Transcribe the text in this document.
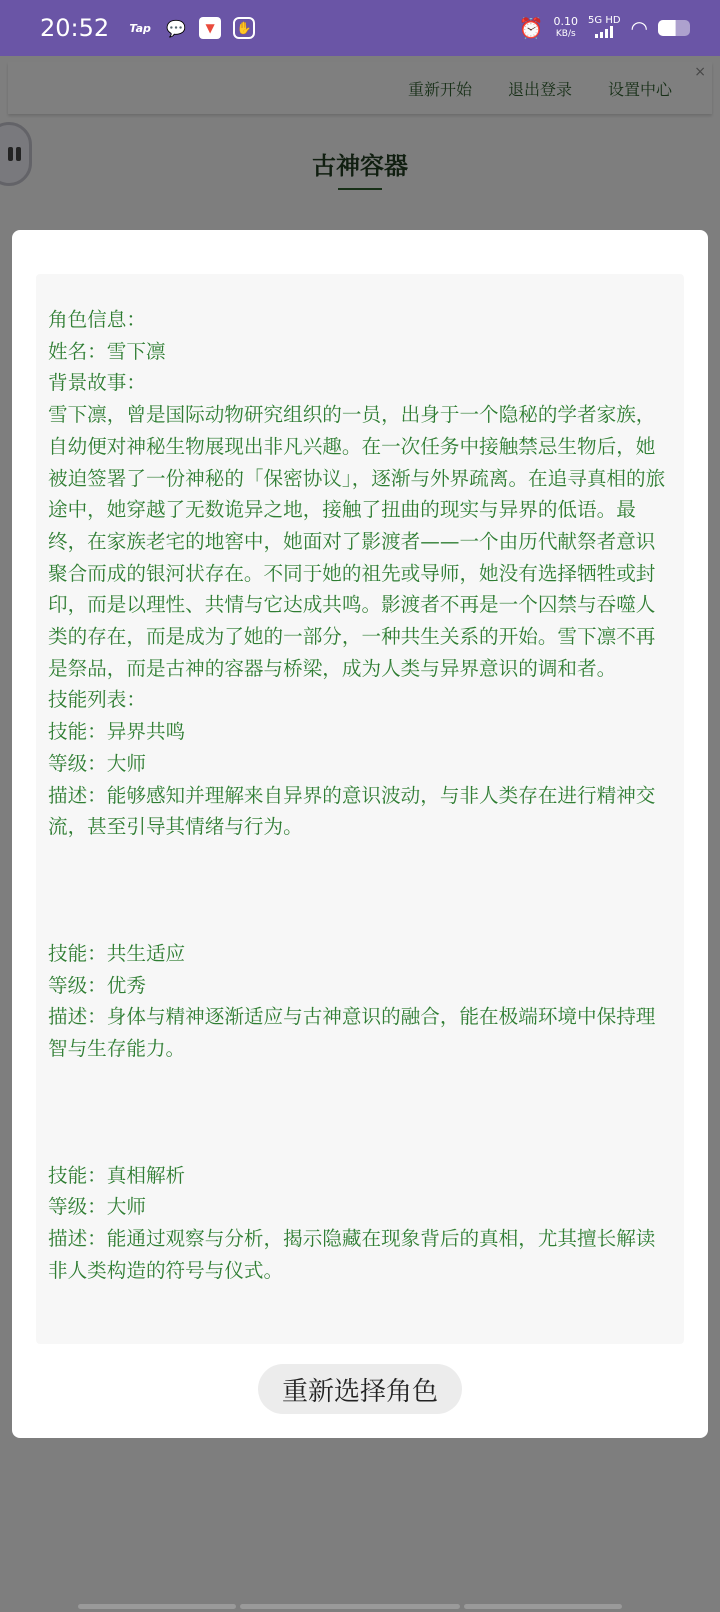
20:52 Tap 💬	▼	✋	⏰ 0.10
KB/s
5G HD ◠
重新开始 退出登录 设置中心
×
古神容器

角色信息：

姓名：雪下凛

背景故事：

雪下凛，曾是国际动物研究组织的一员，出身于一个隐秘的学者家族，自幼便对神秘生物展现出非凡兴趣。在一次任务中接触禁忌生物后，她被迫签署了一份神秘的「保密协议」，逐渐与外界疏离。在追寻真相的旅途中，她穿越了无数诡异之地，接触了扭曲的现实与异界的低语。最终，在家族老宅的地窖中，她面对了影渡者——一个由历代献祭者意识聚合而成的银河状存在。不同于她的祖先或导师，她没有选择牺牲或封印，而是以理性、共情与它达成共鸣。影渡者不再是一个囚禁与吞噬人类的存在，而是成为了她的一部分，一种共生关系的开始。雪下凛不再是祭品，而是古神的容器与桥梁，成为人类与异界意识的调和者。

技能列表：

技能：异界共鸣

等级：大师

描述：能够感知并理解来自异界的意识波动，与非人类存在进行精神交流，甚至引导其情绪与行为。

技能：共生适应

等级：优秀

描述：身体与精神逐渐适应与古神意识的融合，能在极端环境中保持理智与生存能力。

技能：真相解析

等级：大师

描述：能通过观察与分析，揭示隐藏在现象背后的真相，尤其擅长解读非人类构造的符号与仪式。

重新选择角色
